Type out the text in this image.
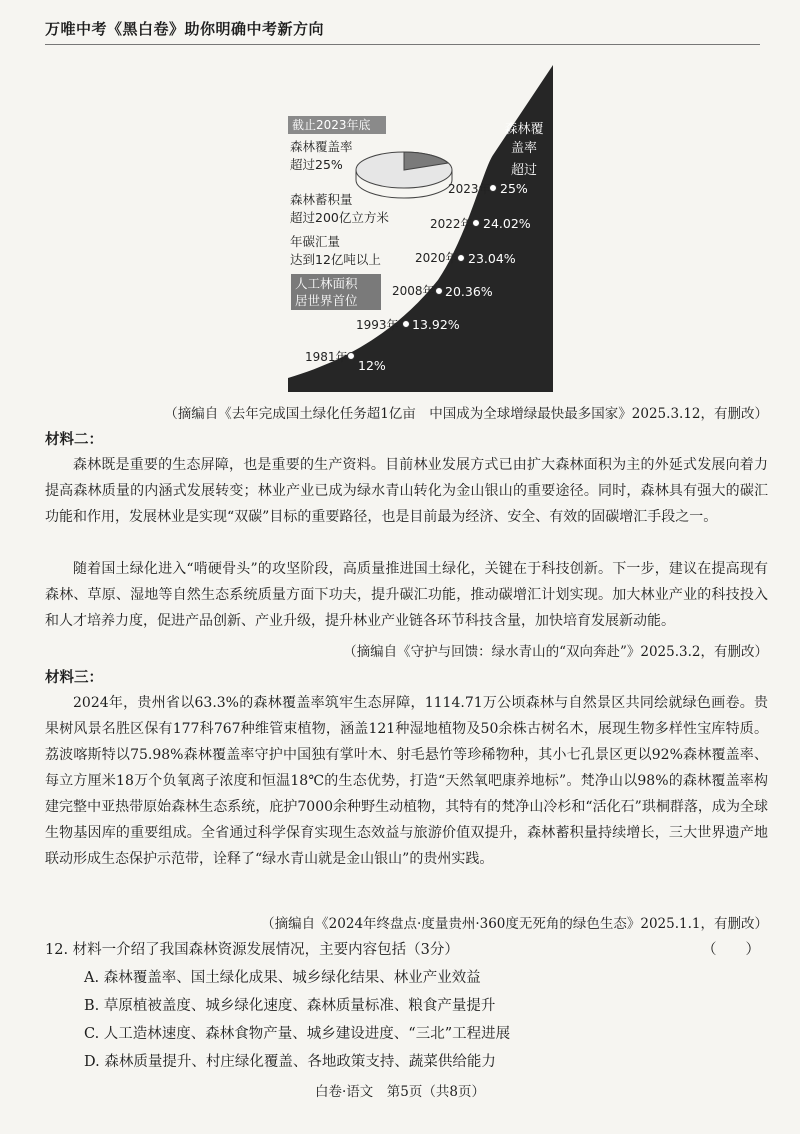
万唯中考《黑白卷》助你明确中考新方向
截止2023年底
森林覆盖率
超过25%
森林蓄积量
超过200亿立方米
年碳汇量
达到12亿吨以上
人工林面积
居世界首位
森林覆
盖率
超过
1981年
12%
1993年 13.92%
2008年 20.36%
2020年 23.04%
2022年 24.02%
2023年 25%
（摘编自《去年完成国土绿化任务超1亿亩　中国成为全球增绿最快最多国家》2025.3.12，有删改）
材料二：
森林既是重要的生态屏障，也是重要的生产资料。目前林业发展方式已由扩大森林面积为主的外延式发展向着力提高森林质量的内涵式发展转变；林业产业已成为绿水青山转化为金山银山的重要途径。同时，森林具有强大的碳汇功能和作用，发展林业是实现“双碳”目标的重要路径，也是目前最为经济、安全、有效的固碳增汇手段之一。
随着国土绿化进入“啃硬骨头”的攻坚阶段，高质量推进国土绿化，关键在于科技创新。下一步，建议在提高现有森林、草原、湿地等自然生态系统质量方面下功夫，提升碳汇功能，推动碳增汇计划实现。加大林业产业的科技投入和人才培养力度，促进产品创新、产业升级，提升林业产业链各环节科技含量，加快培育发展新动能。
（摘编自《守护与回馈：绿水青山的“双向奔赴”》2025.3.2，有删改）
材料三：
2024年，贵州省以63.3%的森林覆盖率筑牢生态屏障，1114.71万公顷森林与自然景区共同绘就绿色画卷。贵果树风景名胜区保有177科767种维管束植物，涵盖121种湿地植物及50余株古树名木，展现生物多样性宝库特质。荔波喀斯特以75.98%森林覆盖率守护中国独有掌叶木、射毛悬竹等珍稀物种，其小七孔景区更以92%森林覆盖率、每立方厘米18万个负氧离子浓度和恒温18℃的生态优势，打造“天然氧吧康养地标”。梵净山以98%的森林覆盖率构建完整中亚热带原始森林生态系统，庇护7000余种野生动植物，其特有的梵净山冷杉和“活化石”珙桐群落，成为全球生物基因库的重要组成。全省通过科学保育实现生态效益与旅游价值双提升，森林蓄积量持续增长，三大世界遗产地联动形成生态保护示范带，诠释了“绿水青山就是金山银山”的贵州实践。
（摘编自《2024年终盘点·度量贵州·360度无死角的绿色生态》2025.1.1，有删改）
12. 材料一介绍了我国森林资源发展情况，主要内容包括（3分）	（　　）
A. 森林覆盖率、国土绿化成果、城乡绿化结果、林业产业效益
B. 草原植被盖度、城乡绿化速度、森林质量标准、粮食产量提升
C. 人工造林速度、森林食物产量、城乡建设进度、“三北”工程进展
D. 森林质量提升、村庄绿化覆盖、各地政策支持、蔬菜供给能力
白卷·语文　第5页（共8页）
